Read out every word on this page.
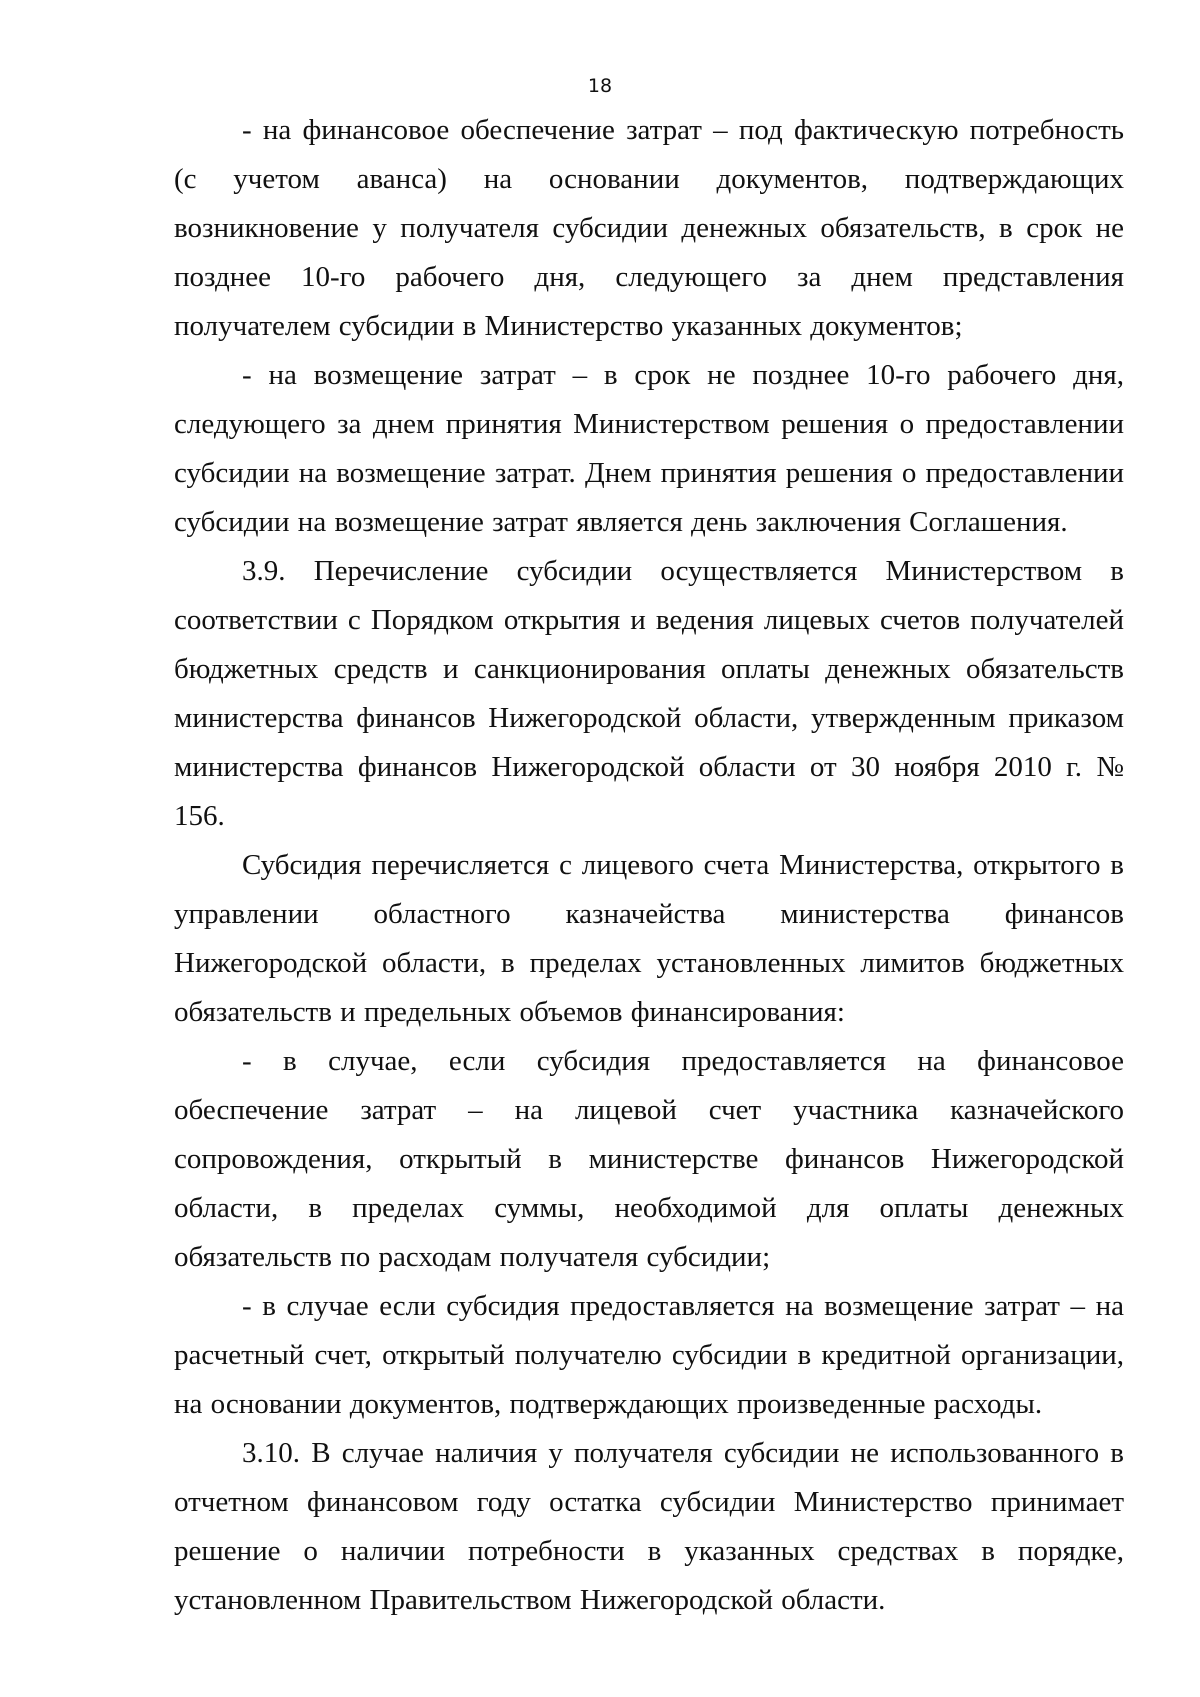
18

- на финансовое обеспечение затрат – под фактическую потребность (с учетом аванса) на основании документов, подтверждающих возникновение у получателя субсидии денежных обязательств, в срок не позднее 10-го рабочего дня, следующего за днем представления получателем субсидии в Министерство указанных документов;

- на возмещение затрат – в срок не позднее 10-го рабочего дня, следующего за днем принятия Министерством решения о предоставлении субсидии на возмещение затрат. Днем принятия решения о предоставлении субсидии на возмещение затрат является день заключения Соглашения.

3.9. Перечисление субсидии осуществляется Министерством в соответствии с Порядком открытия и ведения лицевых счетов получателей бюджетных средств и санкционирования оплаты денежных обязательств министерства финансов Нижегородской области, утвержденным приказом министерства финансов Нижегородской области от 30 ноября 2010 г. № 156.

Субсидия перечисляется с лицевого счета Министерства, открытого в управлении областного казначейства министерства финансов Нижегородской области, в пределах установленных лимитов бюджетных обязательств и предельных объемов финансирования:

- в случае, если субсидия предоставляется на финансовое обеспечение затрат – на лицевой счет участника казначейского сопровождения, открытый в министерстве финансов Нижегородской области, в пределах суммы, необходимой для оплаты денежных обязательств по расходам получателя субсидии;

- в случае если субсидия предоставляется на возмещение затрат – на расчетный счет, открытый получателю субсидии в кредитной организации, на основании документов, подтверждающих произведенные расходы.

3.10. В случае наличия у получателя субсидии не использованного в отчетном финансовом году остатка субсидии Министерство принимает решение о наличии потребности в указанных средствах в порядке, установленном Правительством Нижегородской области.
